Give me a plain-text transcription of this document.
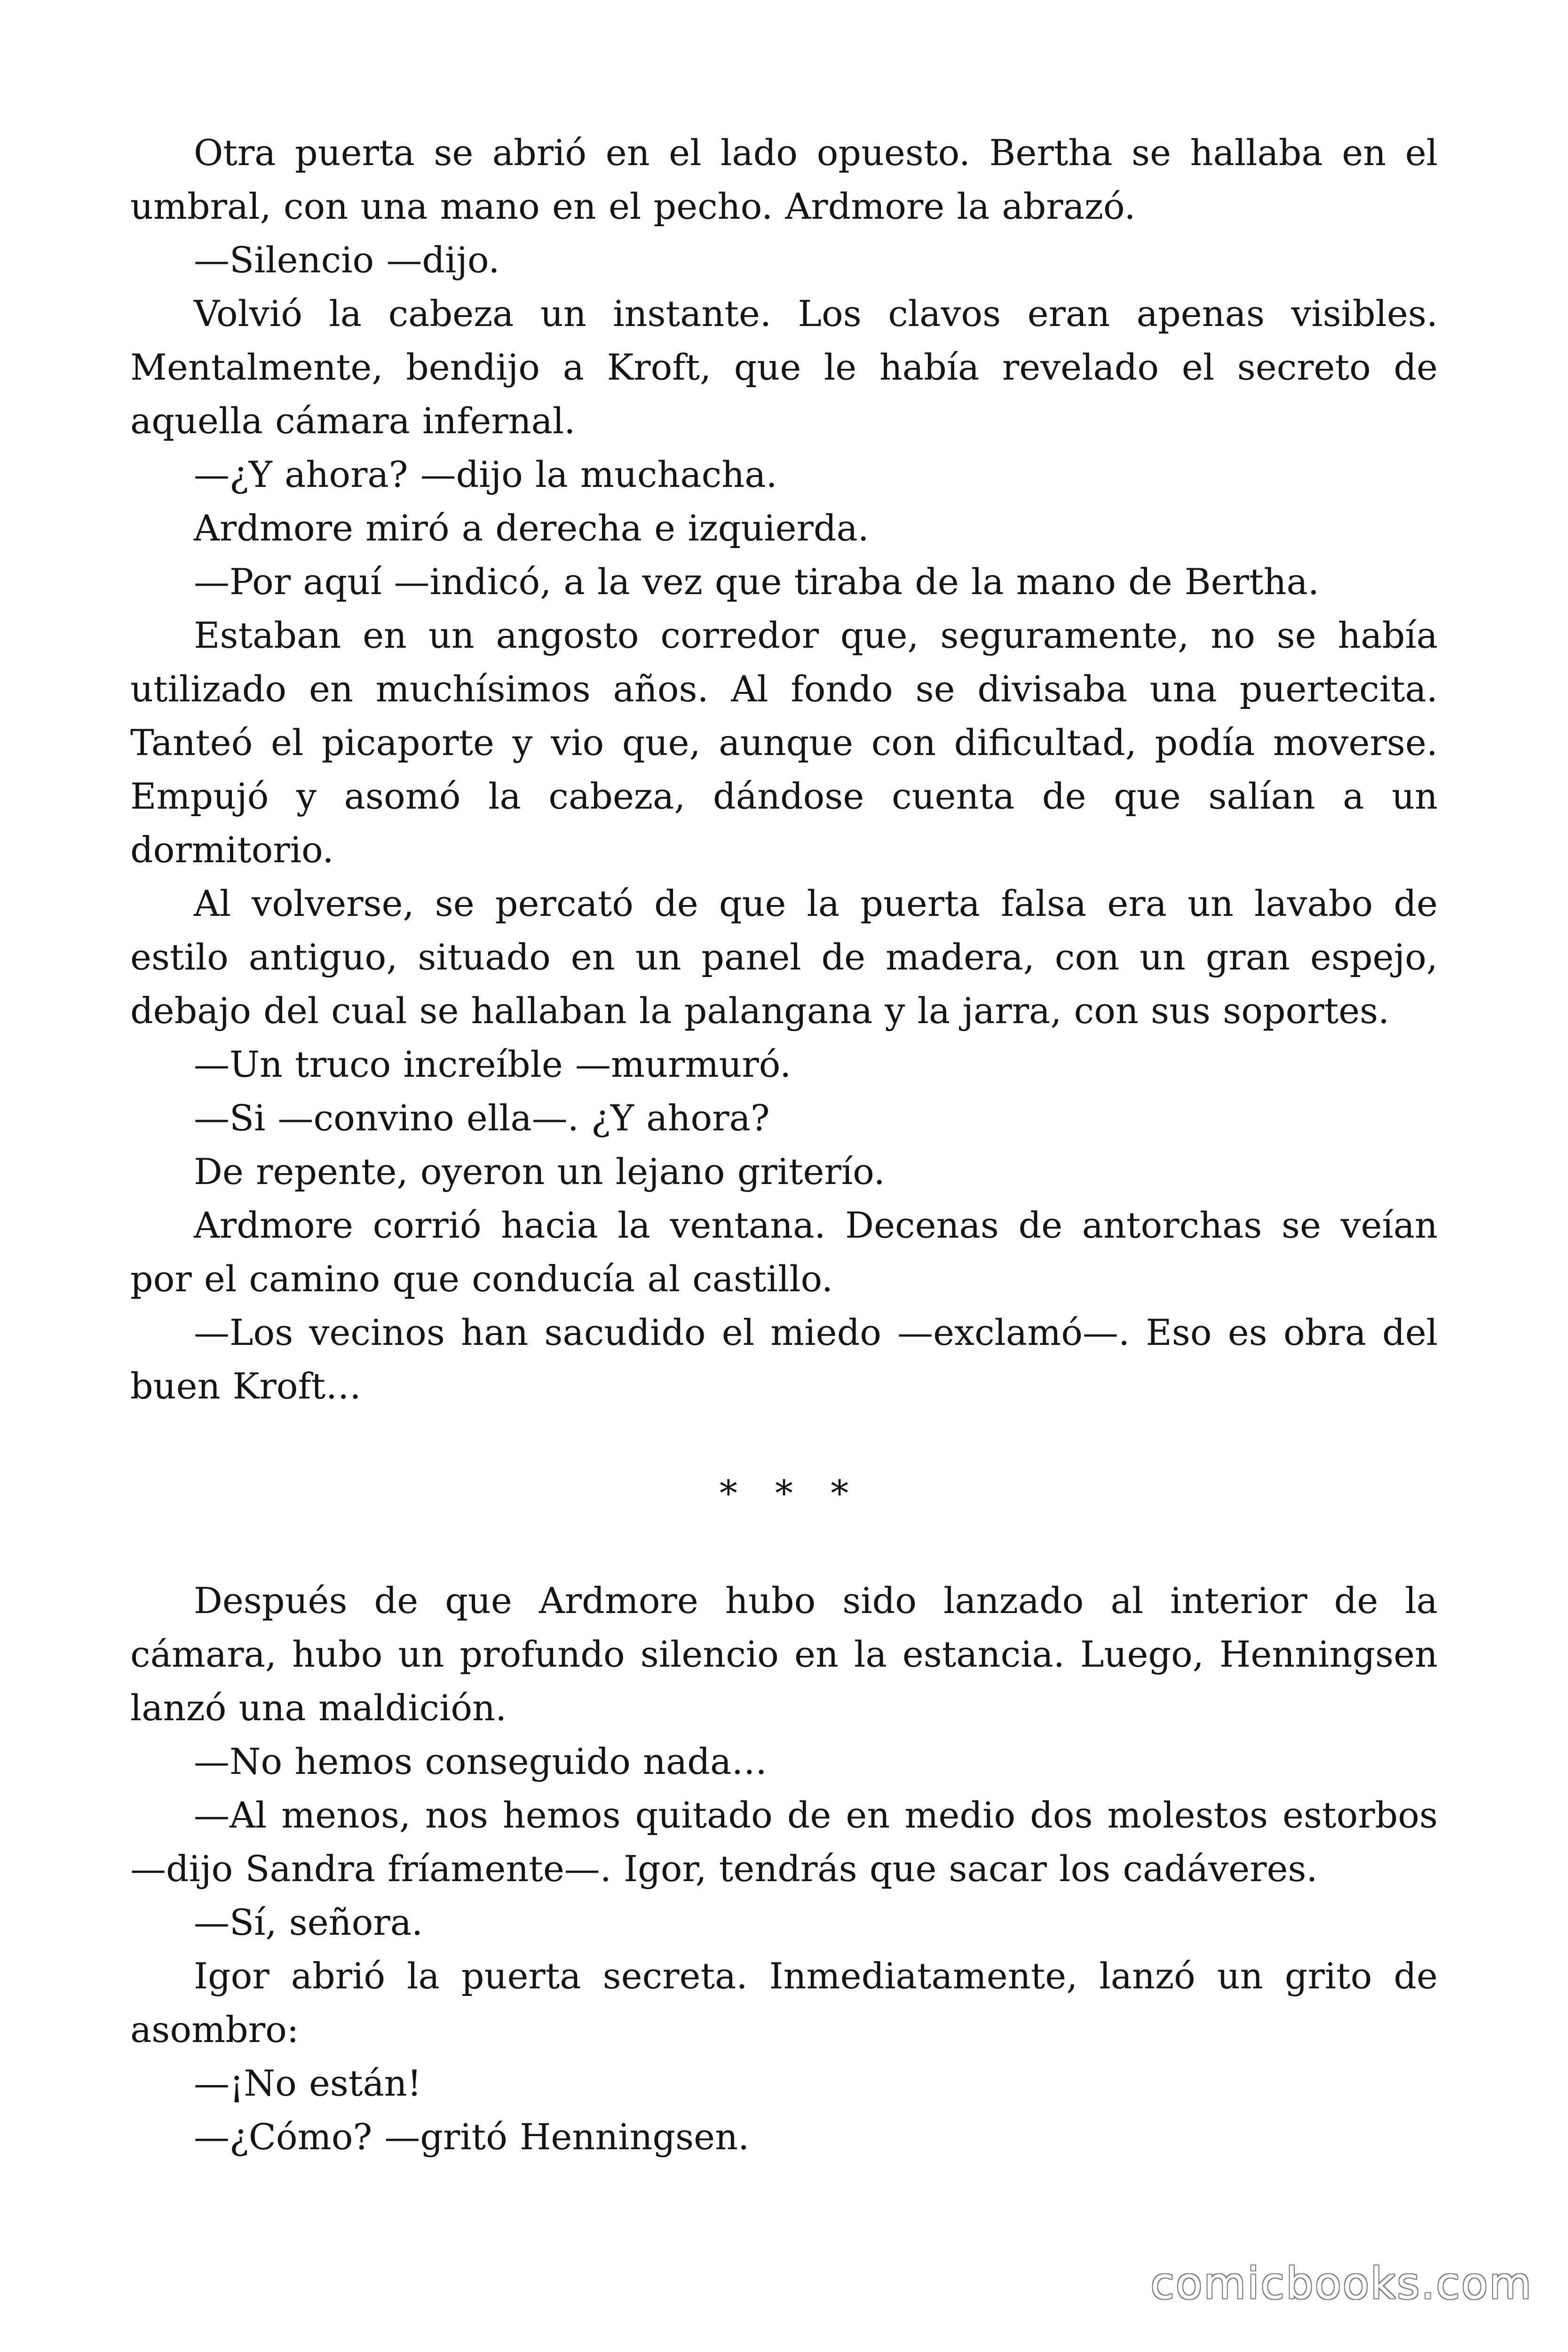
Otra puerta se abrió en el lado opuesto. Bertha se hallaba en el umbral, con una mano en el pecho. Ardmore la abrazó.

—Silencio —dijo.

Volvió la cabeza un instante. Los clavos eran apenas visibles. Mentalmente, bendijo a Kroft, que le había revelado el secreto de aquella cámara infernal.

—¿Y ahora? —dijo la muchacha.

Ardmore miró a derecha e izquierda.

—Por aquí —indicó, a la vez que tiraba de la mano de Bertha.

Estaban en un angosto corredor que, seguramente, no se había utilizado en muchísimos años. Al fondo se divisaba una puertecita. Tanteó el picaporte y vio que, aunque con dificultad, podía moverse. Empujó y asomó la cabeza, dándose cuenta de que salían a un dormitorio.

Al volverse, se percató de que la puerta falsa era un lavabo de estilo antiguo, situado en un panel de madera, con un gran espejo, debajo del cual se hallaban la palangana y la jarra, con sus soportes.

—Un truco increíble —murmuró.

—Si —convino ella—. ¿Y ahora?

De repente, oyeron un lejano griterío.

Ardmore corrió hacia la ventana. Decenas de antorchas se veían por el camino que conducía al castillo.

—Los vecinos han sacudido el miedo —exclamó—. Eso es obra del buen Kroft…

* * *

Después de que Ardmore hubo sido lanzado al interior de la cámara, hubo un profundo silencio en la estancia. Luego, Henningsen lanzó una maldición.

—No hemos conseguido nada…

—Al menos, nos hemos quitado de en medio dos molestos estorbos —dijo Sandra fríamente—. Igor, tendrás que sacar los cadáveres.

—Sí, señora.

Igor abrió la puerta secreta. Inmediatamente, lanzó un grito de asombro:

—¡No están!

—¿Cómo? —gritó Henningsen.

comicbooks.com
